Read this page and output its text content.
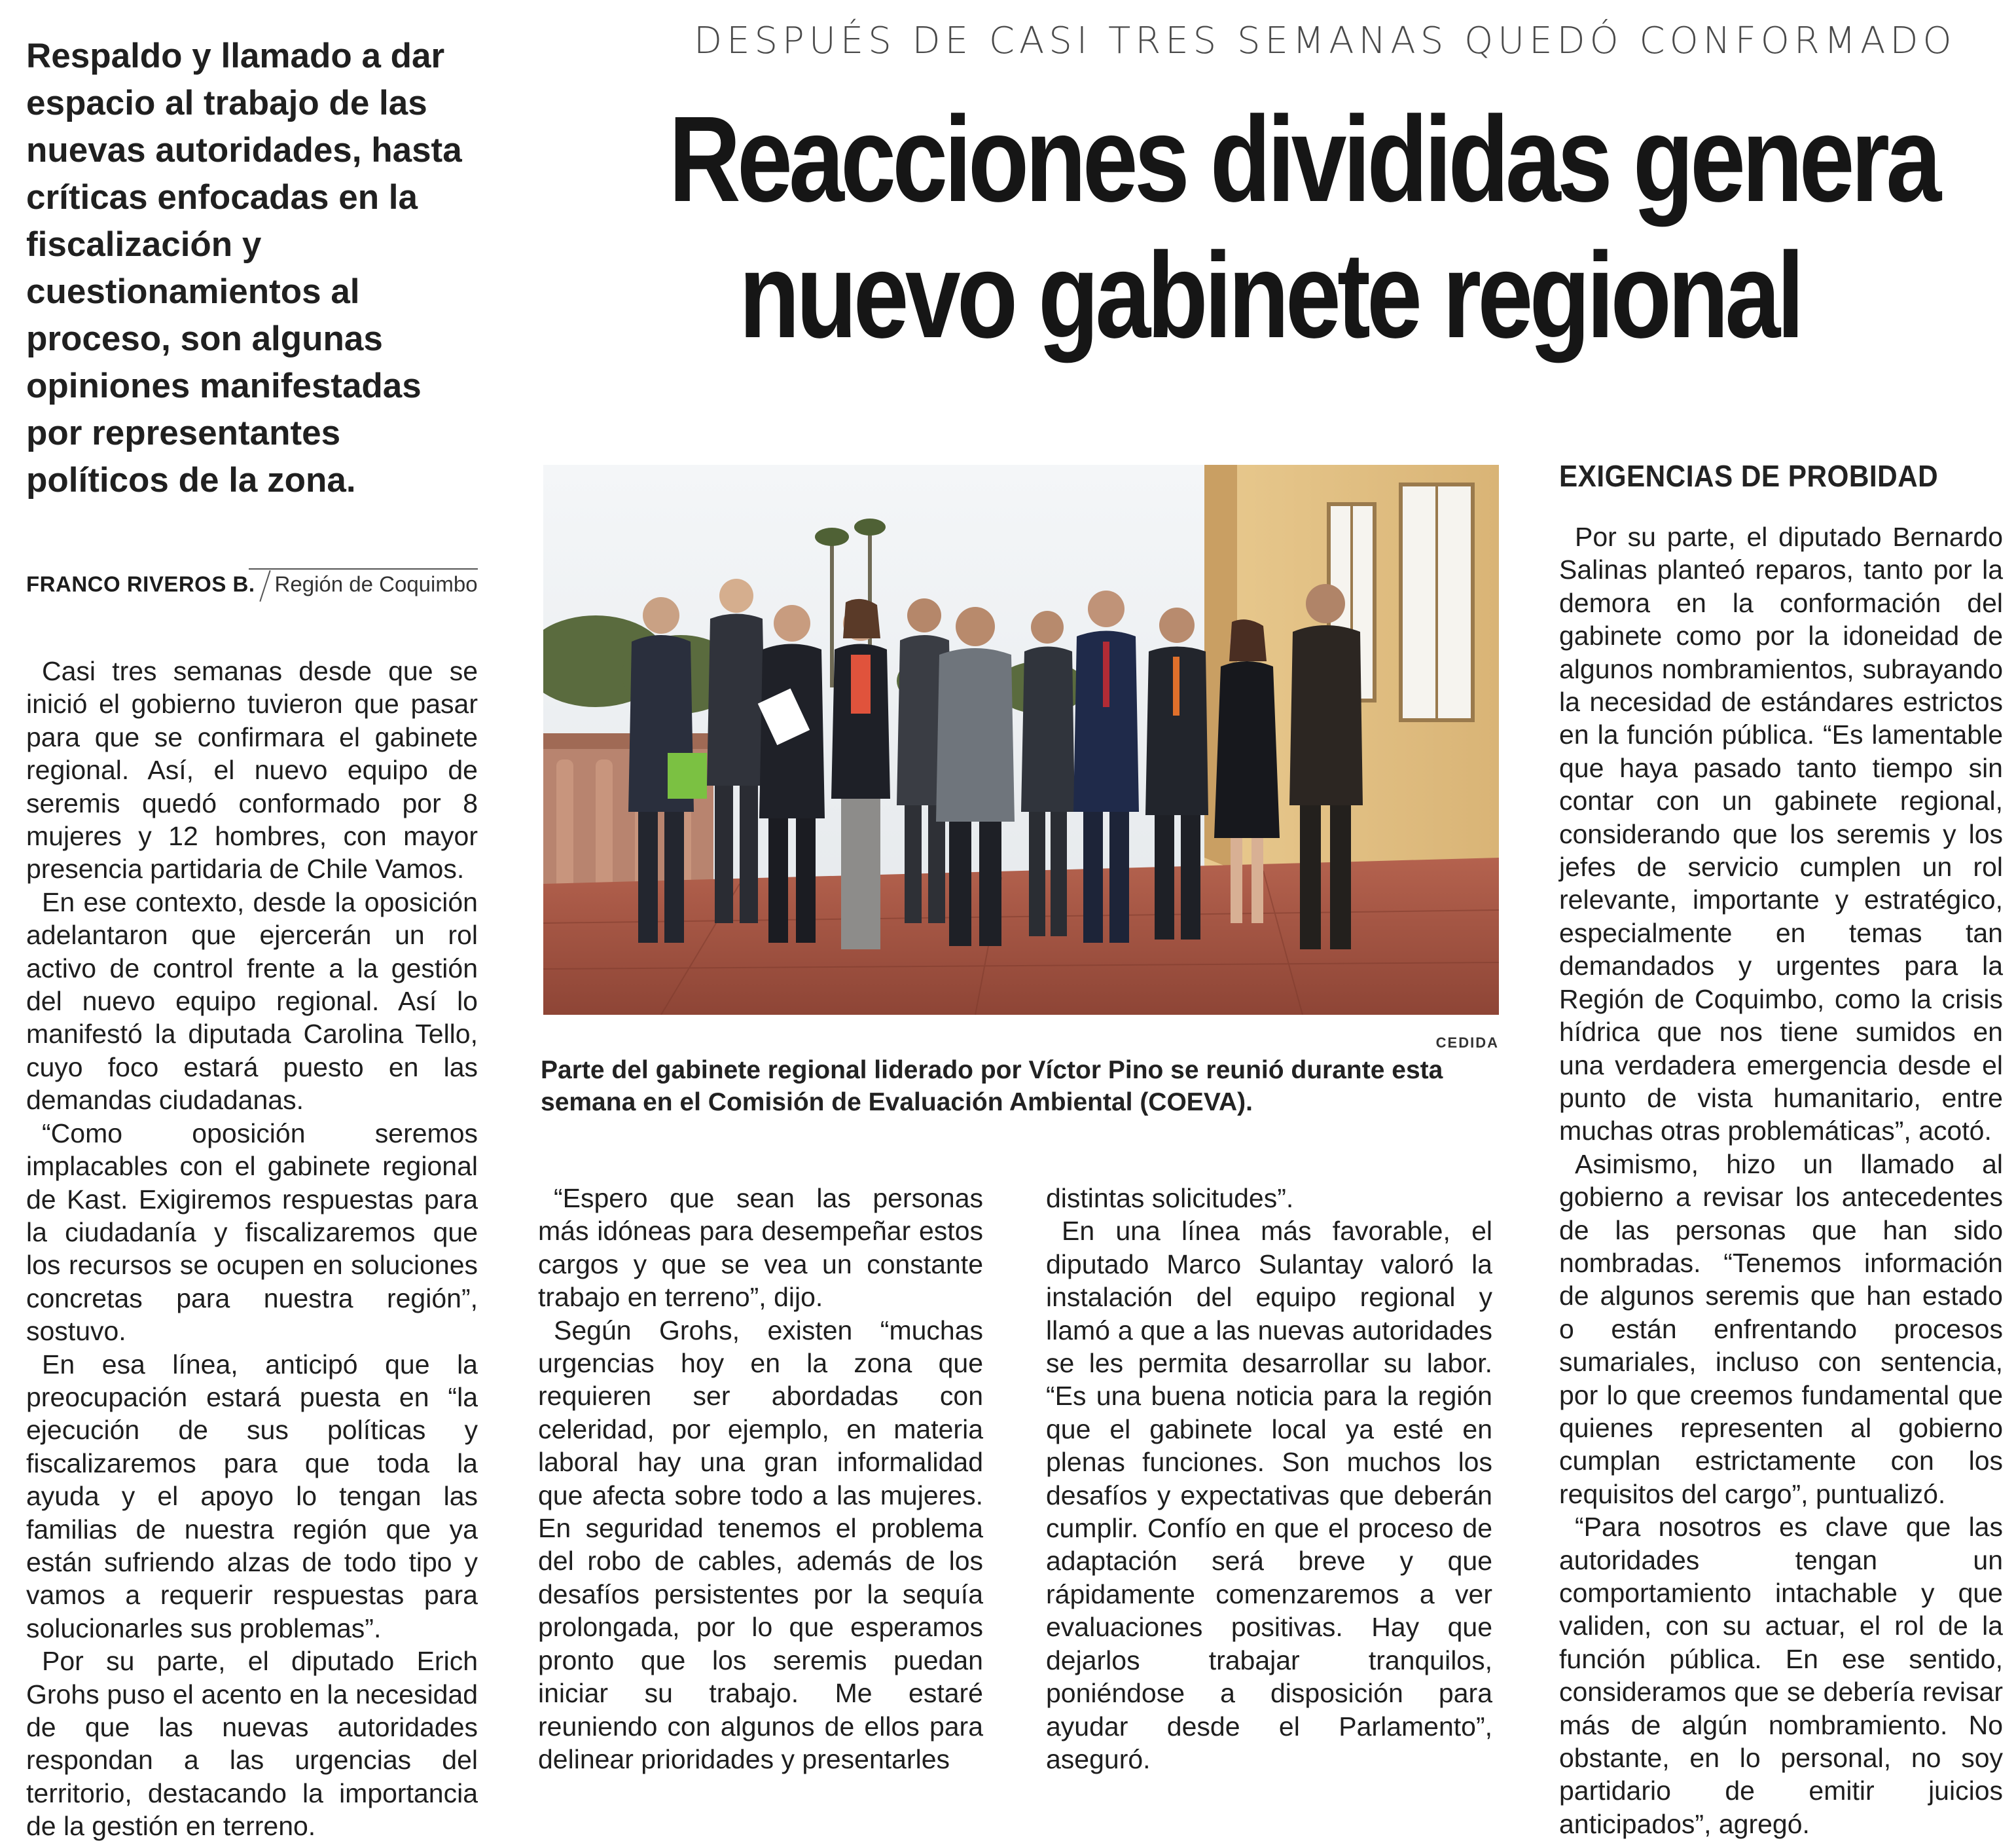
DESPUÉS DE CASI TRES SEMANAS QUEDÓ CONFORMADO
Reacciones divididas genera
nuevo gabinete regional
Respaldo y llamado a dar espacio al trabajo de las nuevas autoridades, hasta críticas enfocadas en la fiscalización y cuestionamientos al proceso, son algunas opiniones manifestadas por representantes políticos de la zona.
FRANCO RIVEROS B. Región de Coquimbo

Casi tres semanas desde que se inició el gobierno tuvieron que pasar para que se confirmara el gabinete regional. Así, el nuevo equipo de seremis quedó conformado por 8 mujeres y 12 hombres, con mayor presencia partidaria de Chile Vamos.

En ese contexto, desde la oposición adelantaron que ejercerán un rol activo de control frente a la gestión del nuevo equipo regional. Así lo manifestó la diputada Carolina Tello, cuyo foco estará puesto en las demandas ciudadanas.

“Como oposición seremos implacables con el gabinete regional de Kast. Exigiremos respuestas para la ciudadanía y fiscalizaremos que los recursos se ocupen en soluciones concretas para nuestra región”, sostuvo.

En esa línea, anticipó que la preocupación estará puesta en “la ejecución de sus políticas y fiscalizaremos para que toda la ayuda y el apoyo lo tengan las familias de nuestra región que ya están sufriendo alzas de todo tipo y vamos a requerir respuestas para solucionarles sus problemas”.

Por su parte, el diputado Erich Grohs puso el acento en la necesidad de que las nuevas autoridades respondan a las urgencias del territorio, destacando la importancia de la gestión en terreno.

CEDIDA
Parte del gabinete regional liderado por Víctor Pino se reunió durante esta semana en el Comisión de Evaluación Ambiental (COEVA).

“Espero que sean las personas más idóneas para desempeñar estos cargos y que se vea un constante trabajo en terreno”, dijo.

Según Grohs, existen “muchas urgencias hoy en la zona que requieren ser abordadas con celeridad, por ejemplo, en materia laboral hay una gran informalidad que afecta sobre todo a las mujeres. En seguridad tenemos el problema del robo de cables, además de los desafíos persistentes por la sequía prolongada, por lo que esperamos pronto que los seremis puedan iniciar su trabajo. Me estaré reuniendo con algunos de ellos para delinear prioridades y presentarles

distintas solicitudes”.

En una línea más favorable, el diputado Marco Sulantay valoró la instalación del equipo regional y llamó a que a las nuevas autoridades se les permita desarrollar su labor. “Es una buena noticia para la región que el gabinete local ya esté en plenas funciones. Son muchos los desafíos y expectativas que deberán cumplir. Confío en que el proceso de adaptación será breve y que rápidamente comenzaremos a ver evaluaciones positivas. Hay que dejarlos trabajar tranquilos, poniéndose a disposición para ayudar desde el Parlamento”, aseguró.

EXIGENCIAS DE PROBIDAD

Por su parte, el diputado Bernardo Salinas planteó reparos, tanto por la demora en la conformación del gabinete como por la idoneidad de algunos nombramientos, subrayando la necesidad de estándares estrictos en la función pública. “Es lamentable que haya pasado tanto tiempo sin contar con un gabinete regional, considerando que los seremis y los jefes de servicio cumplen un rol relevante, importante y estratégico, especialmente en temas tan demandados y urgentes para la Región de Coquimbo, como la crisis hídrica que nos tiene sumidos en una verdadera emergencia desde el punto de vista humanitario, entre muchas otras problemáticas”, acotó.

Asimismo, hizo un llamado al gobierno a revisar los antecedentes de las personas que han sido nombradas. “Tenemos información de algunos seremis que han estado o están enfrentando procesos sumariales, incluso con sentencia, por lo que creemos fundamental que quienes representen al gobierno cumplan estrictamente con los requisitos del cargo”, puntualizó.

“Para nosotros es clave que las autoridades tengan un comportamiento intachable y que validen, con su actuar, el rol de la función pública. En ese sentido, consideramos que se debería revisar más de algún nombramiento. No obstante, en lo personal, no soy partidario de emitir juicios anticipados”, agregó.
